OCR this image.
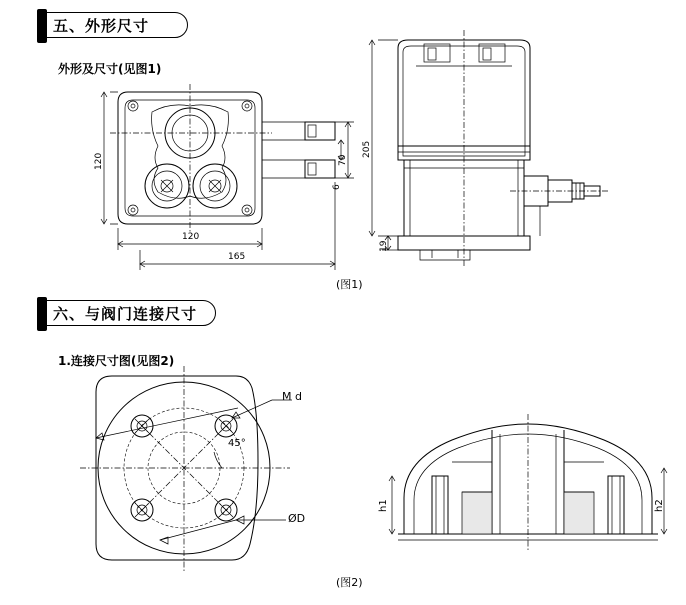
五、外形尺寸
外形及尺寸(见图1)
120
120
165
70
6
205
19
(图1)
六、与阀门连接尺寸
1.连接尺寸图(见图2)
M d
45°
ØD
h1	h2
(图2)
